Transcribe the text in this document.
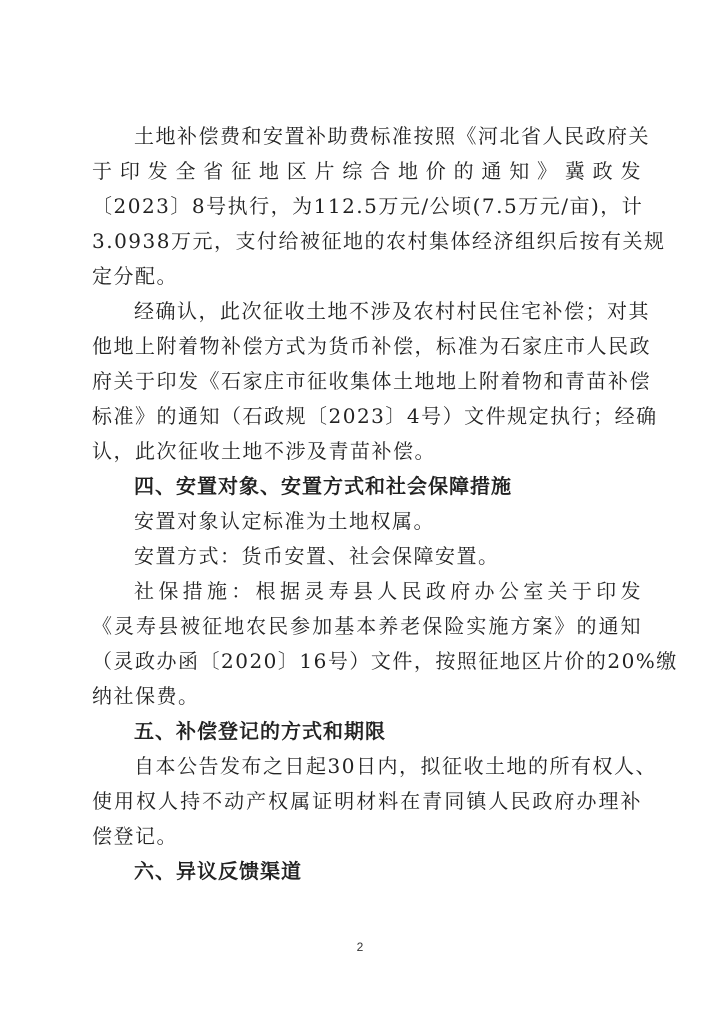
土地补偿费和安置补助费标准按照《河北省人民政府关
于印发全省征地区片综合地价的通知》冀政发
〔2023〕8号执行，为112.5万元/公顷(7.5万元/亩)，计
3.0938万元，支付给被征地的农村集体经济组织后按有关规
定分配。
经确认，此次征收土地不涉及农村村民住宅补偿；对其
他地上附着物补偿方式为货币补偿，标准为石家庄市人民政
府关于印发《石家庄市征收集体土地地上附着物和青苗补偿
标准》的通知（石政规〔2023〕4号）文件规定执行；经确
认，此次征收土地不涉及青苗补偿。
四、安置对象、安置方式和社会保障措施
安置对象认定标准为土地权属。
安置方式：货币安置、社会保障安置。
社保措施：根据灵寿县人民政府办公室关于印发
《灵寿县被征地农民参加基本养老保险实施方案》的通知
（灵政办函〔2020〕16号）文件，按照征地区片价的20%缴
纳社保费。
五、补偿登记的方式和期限
自本公告发布之日起30日内，拟征收土地的所有权人、
使用权人持不动产权属证明材料在青同镇人民政府办理补
偿登记。
六、异议反馈渠道
2
